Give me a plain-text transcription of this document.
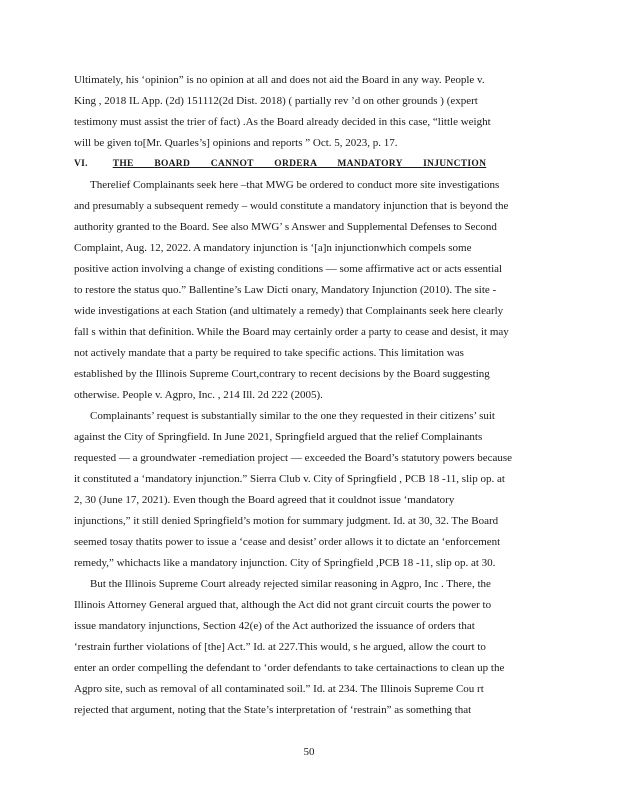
Ultimately, his ‘opinion” is no opinion at all and does not aid the Board in any way. People v.
King , 2018 IL App. (2d) 151112(2d Dist. 2018) ( partially rev ’d on other grounds ) (expert
testimony must assist the trier of fact) .As the Board already decided in this case, “little weight
will be given to[Mr. Quarles’s] opinions and reports ” Oct. 5, 2023, p. 17.
VI.	THE BOARD CANNOT ORDERA MANDATORY INJUNCTION
Therelief Complainants seek here –that MWG be ordered to conduct more site investigations
and presumably a subsequent remedy – would constitute a mandatory injunction that is beyond the
authority granted to the Board. See also MWG’ s Answer and Supplemental Defenses to Second
Complaint, Aug. 12, 2022. A mandatory injunction is ‘[a]n injunctionwhich compels some
positive action involving a change of existing conditions — some affirmative act or acts essential
to restore the status quo.” Ballentine’s Law Dicti onary, Mandatory Injunction (2010). The site -
wide investigations at each Station (and ultimately a remedy) that Complainants seek here clearly
fall s within that definition. While the Board may certainly order a party to cease and desist, it may
not actively mandate that a party be required to take specific actions. This limitation was
established by the Illinois Supreme Court,contrary to recent decisions by the Board suggesting
otherwise. People v. Agpro, Inc. , 214 Ill. 2d 222 (2005).
Complainants’ request is substantially similar to the one they requested in their citizens’ suit
against the City of Springfield. In June 2021, Springfield argued that the relief Complainants
requested — a groundwater -remediation project — exceeded the Board’s statutory powers because
it constituted a ‘mandatory injunction.” Sierra Club v. City of Springfield , PCB 18 -11, slip op. at
2, 30 (June 17, 2021). Even though the Board agreed that it couldnot issue ‘mandatory
injunctions,” it still denied Springfield’s motion for summary judgment. Id. at 30, 32. The Board
seemed tosay thatits power to issue a ‘cease and desist’ order allows it to dictate an ‘enforcement
remedy,” whichacts like a mandatory injunction. City of Springfield ,PCB 18 -11, slip op. at 30.
But the Illinois Supreme Court already rejected similar reasoning in Agpro, Inc . There, the
Illinois Attorney General argued that, although the Act did not grant circuit courts the power to
issue mandatory injunctions, Section 42(e) of the Act authorized the issuance of orders that
‘restrain further violations of [the] Act.” Id. at 227.This would, s he argued, allow the court to
enter an order compelling the defendant to ‘order defendants to take certainactions to clean up the
Agpro site, such as removal of all contaminated soil.” Id. at 234. The Illinois Supreme Cou rt
rejected that argument, noting that the State’s interpretation of ‘restrain” as something that
50
